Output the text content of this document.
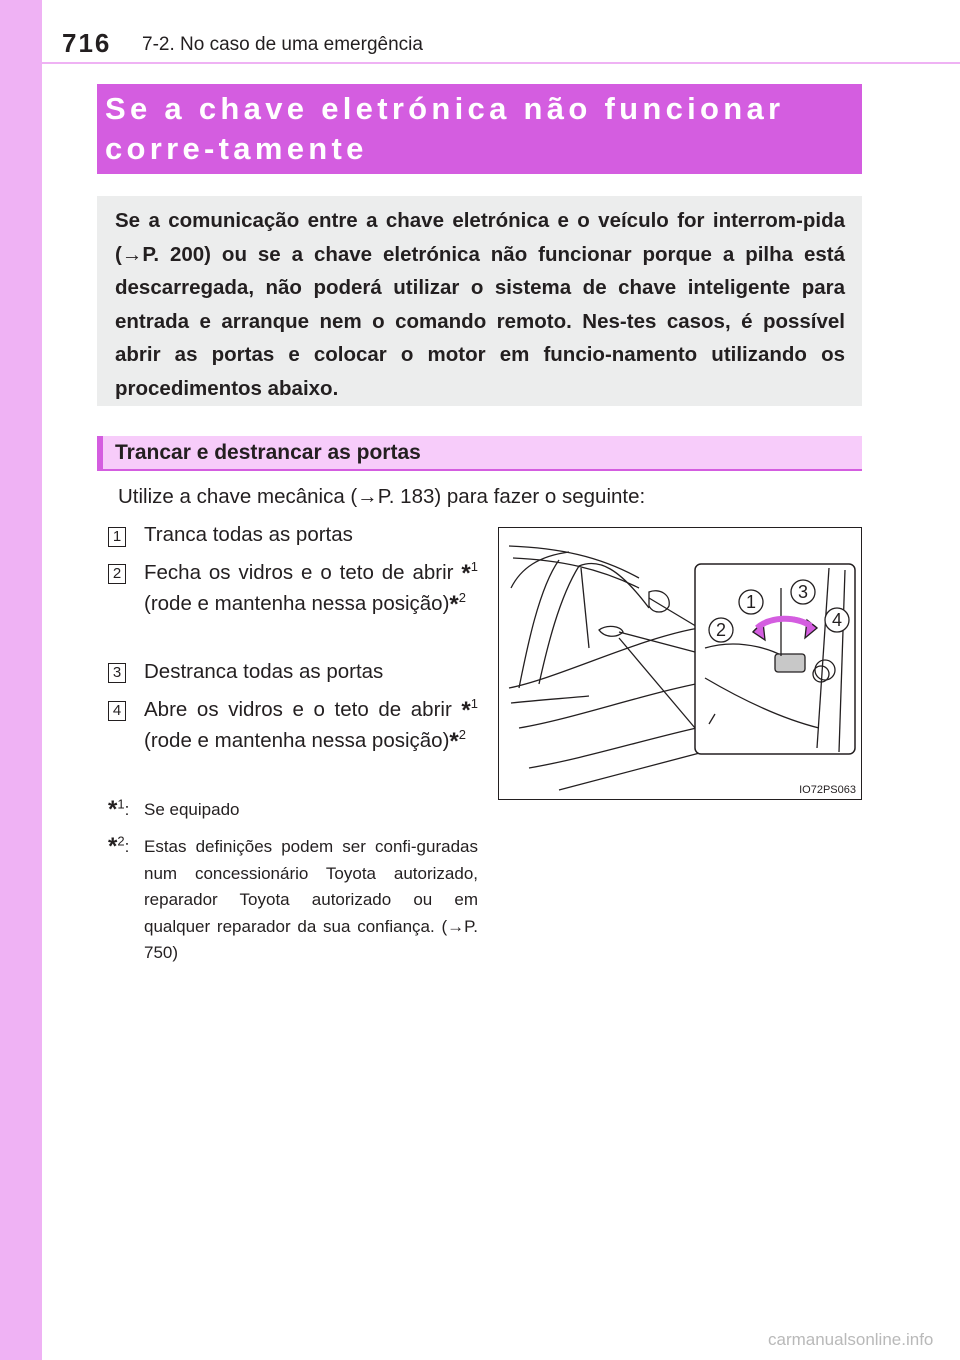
716 7-2. No caso de uma emergência
Se a chave eletrónica não funcionar corre-tamente
Se a comunicação entre a chave eletrónica e o veículo for interrom-pida (→P. 200) ou se a chave eletrónica não funcionar porque a pilha está descarregada, não poderá utilizar o sistema de chave inteligente para entrada e arranque nem o comando remoto. Nes-tes casos, é possível abrir as portas e colocar o motor em funcio-namento utilizando os procedimentos abaixo.
Trancar e destrancar as portas
Utilize a chave mecânica (→P. 183) para fazer o seguinte:
1 Tranca todas as portas
2 Fecha os vidros e o teto de abrir *$^1$ (rode e mantenha nessa posição)*$^2$
3 Destranca todas as portas
4 Abre os vidros e o teto de abrir *$^1$ (rode e mantenha nessa posição)*$^2$
*$^1$: Se equipado
*$^2$: Estas definições podem ser confi-guradas num concessionário Toyota autorizado, reparador Toyota autorizado ou em qualquer reparador da sua confiança. (→P. 750)
1
2
3
4
IO72PS063
carmanualsonline.info
